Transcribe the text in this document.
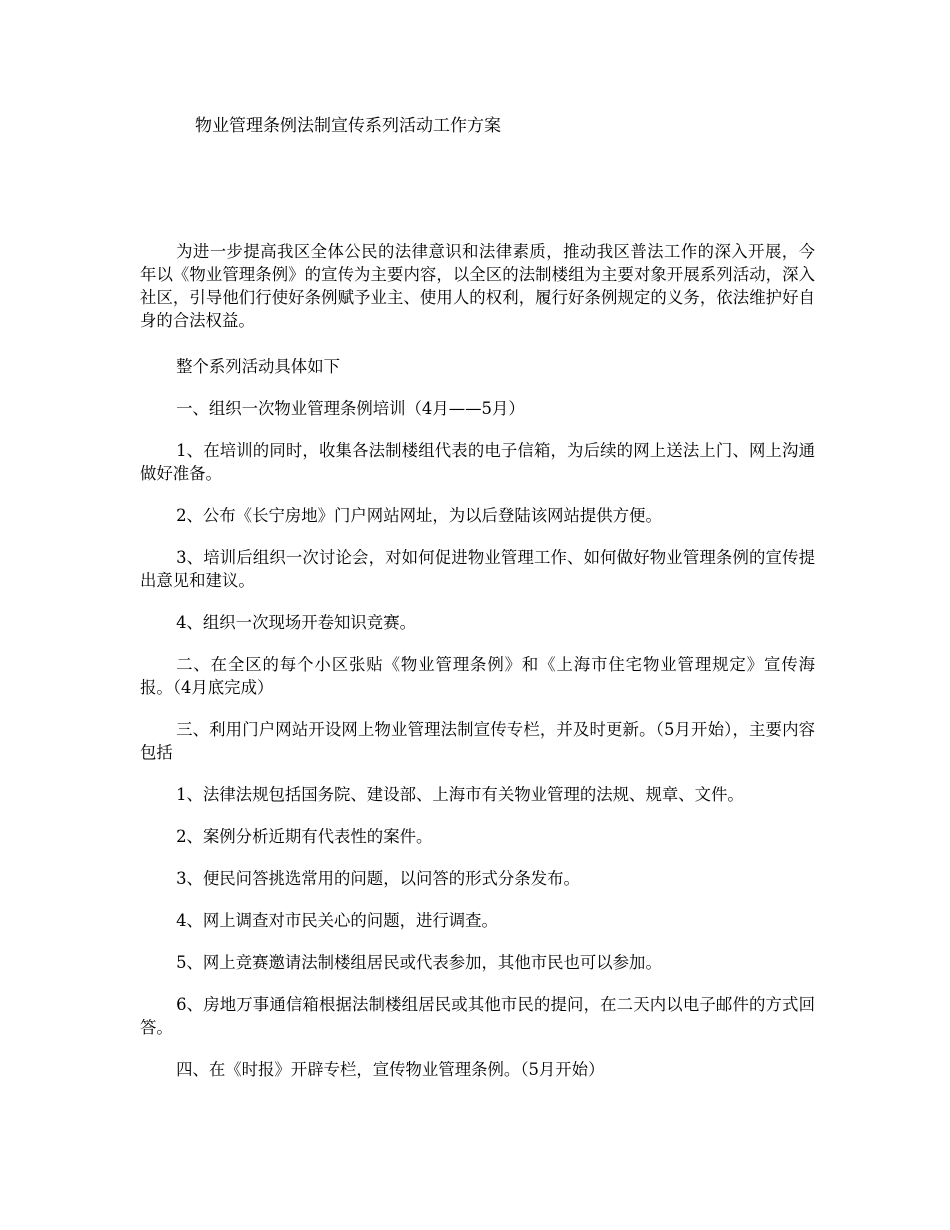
物业管理条例法制宣传系列活动工作方案

为进一步提高我区全体公民的法律意识和法律素质，推动我区普法工作的深入开展，今年以《物业管理条例》的宣传为主要内容，以全区的法制楼组为主要对象开展系列活动，深入社区，引导他们行使好条例赋予业主、使用人的权利，履行好条例规定的义务，依法维护好自身的合法权益。

整个系列活动具体如下

一、组织一次物业管理条例培训（4月——5月）

1、在培训的同时，收集各法制楼组代表的电子信箱，为后续的网上送法上门、网上沟通做好准备。

2、公布《长宁房地》门户网站网址，为以后登陆该网站提供方便。

3、培训后组织一次讨论会，对如何促进物业管理工作、如何做好物业管理条例的宣传提出意见和建议。

4、组织一次现场开卷知识竞赛。

二、在全区的每个小区张贴《物业管理条例》和《上海市住宅物业管理规定》宣传海报。（4月底完成）

三、利用门户网站开设网上物业管理法制宣传专栏，并及时更新。（5月开始），主要内容包括

1、法律法规包括国务院、建设部、上海市有关物业管理的法规、规章、文件。

2、案例分析近期有代表性的案件。

3、便民问答挑选常用的问题，以问答的形式分条发布。

4、网上调查对市民关心的问题，进行调查。

5、网上竞赛邀请法制楼组居民或代表参加，其他市民也可以参加。

6、房地万事通信箱根据法制楼组居民或其他市民的提问，在二天内以电子邮件的方式回答。

四、在《时报》开辟专栏，宣传物业管理条例。（5月开始）
